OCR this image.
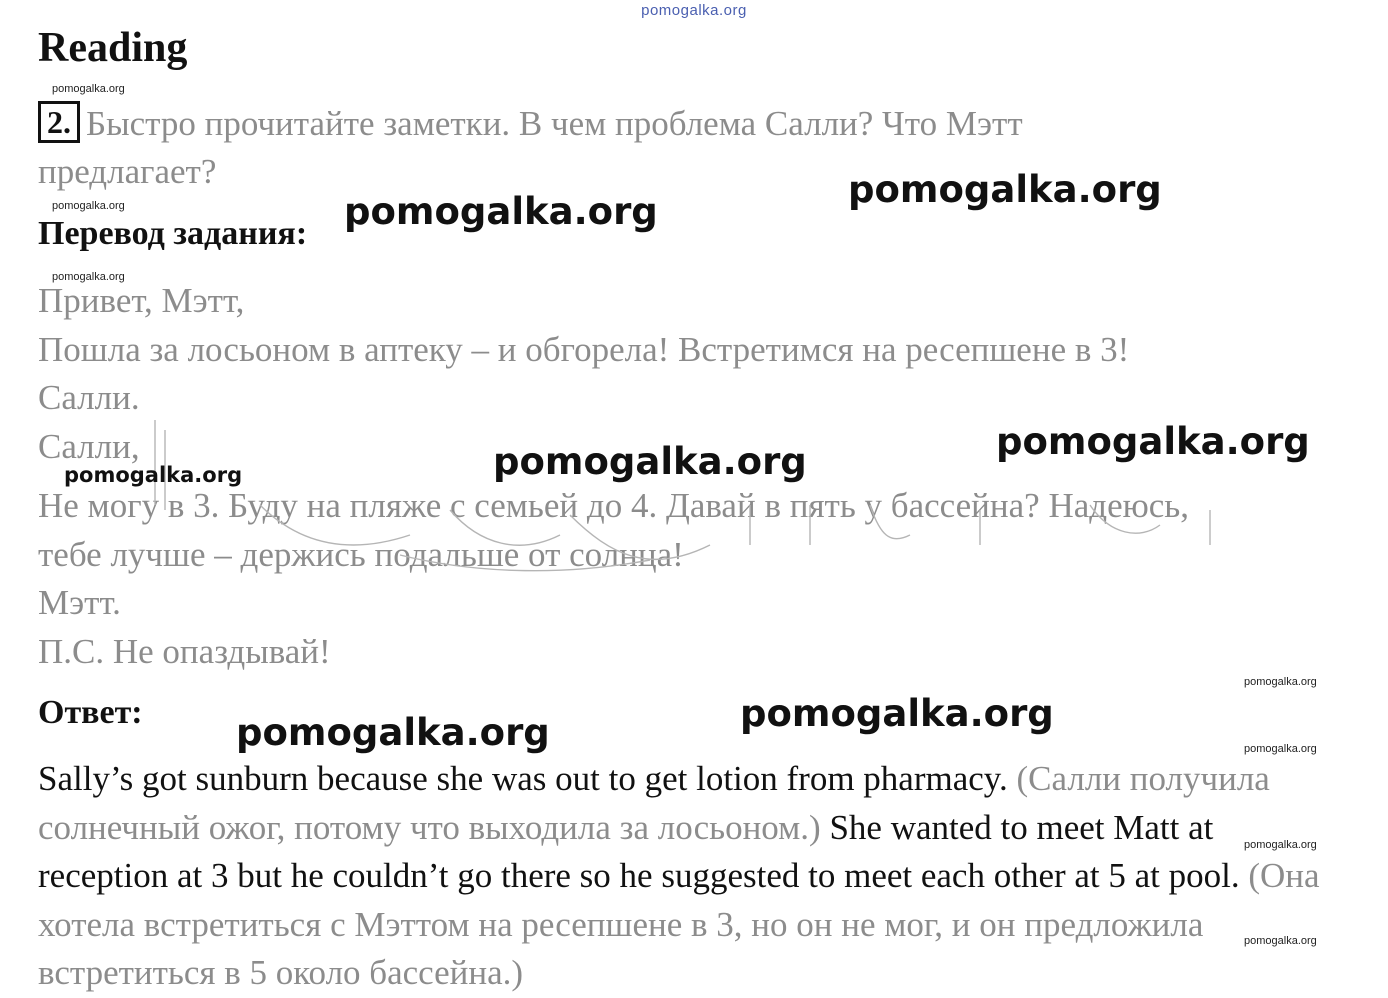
pomogalka.org
Reading
pomogalka.org
2. Быстро прочитайте заметки. В чем проблема Салли? Что Мэтт предлагает?
pomogalka.org	pomogalka.org
pomogalka.org
Перевод задания:
pomogalka.org
Привет, Мэтт,
Пошла за лосьоном в аптеку – и обгорела! Встретимся на ресепшене в 3!
Салли.
Салли,
Не могу в 3. Буду на пляже с семьей до 4. Давай в пять у бассейна? Надеюсь,
тебе лучше – держись подальше от солнца!
Мэтт.
П.С. Не опаздывай!
pomogalka.org	pomogalka.org	pomogalka.org
pomogalka.org
Ответ:	pomogalka.org	pomogalka.org
pomogalka.org
Sally’s got sunburn because she was out to get lotion from pharmacy. (Салли получила солнечный ожог, потому что выходила за лосьоном.) She wanted to meet Matt at reception at 3 but he couldn’t go there so he suggested to meet each other at 5 at pool. (Она хотела встретиться с Мэттом на ресепшене в 3, но он не мог, и он предложила встретиться в 5 около бассейна.)
pomogalka.org
pomogalka.org
